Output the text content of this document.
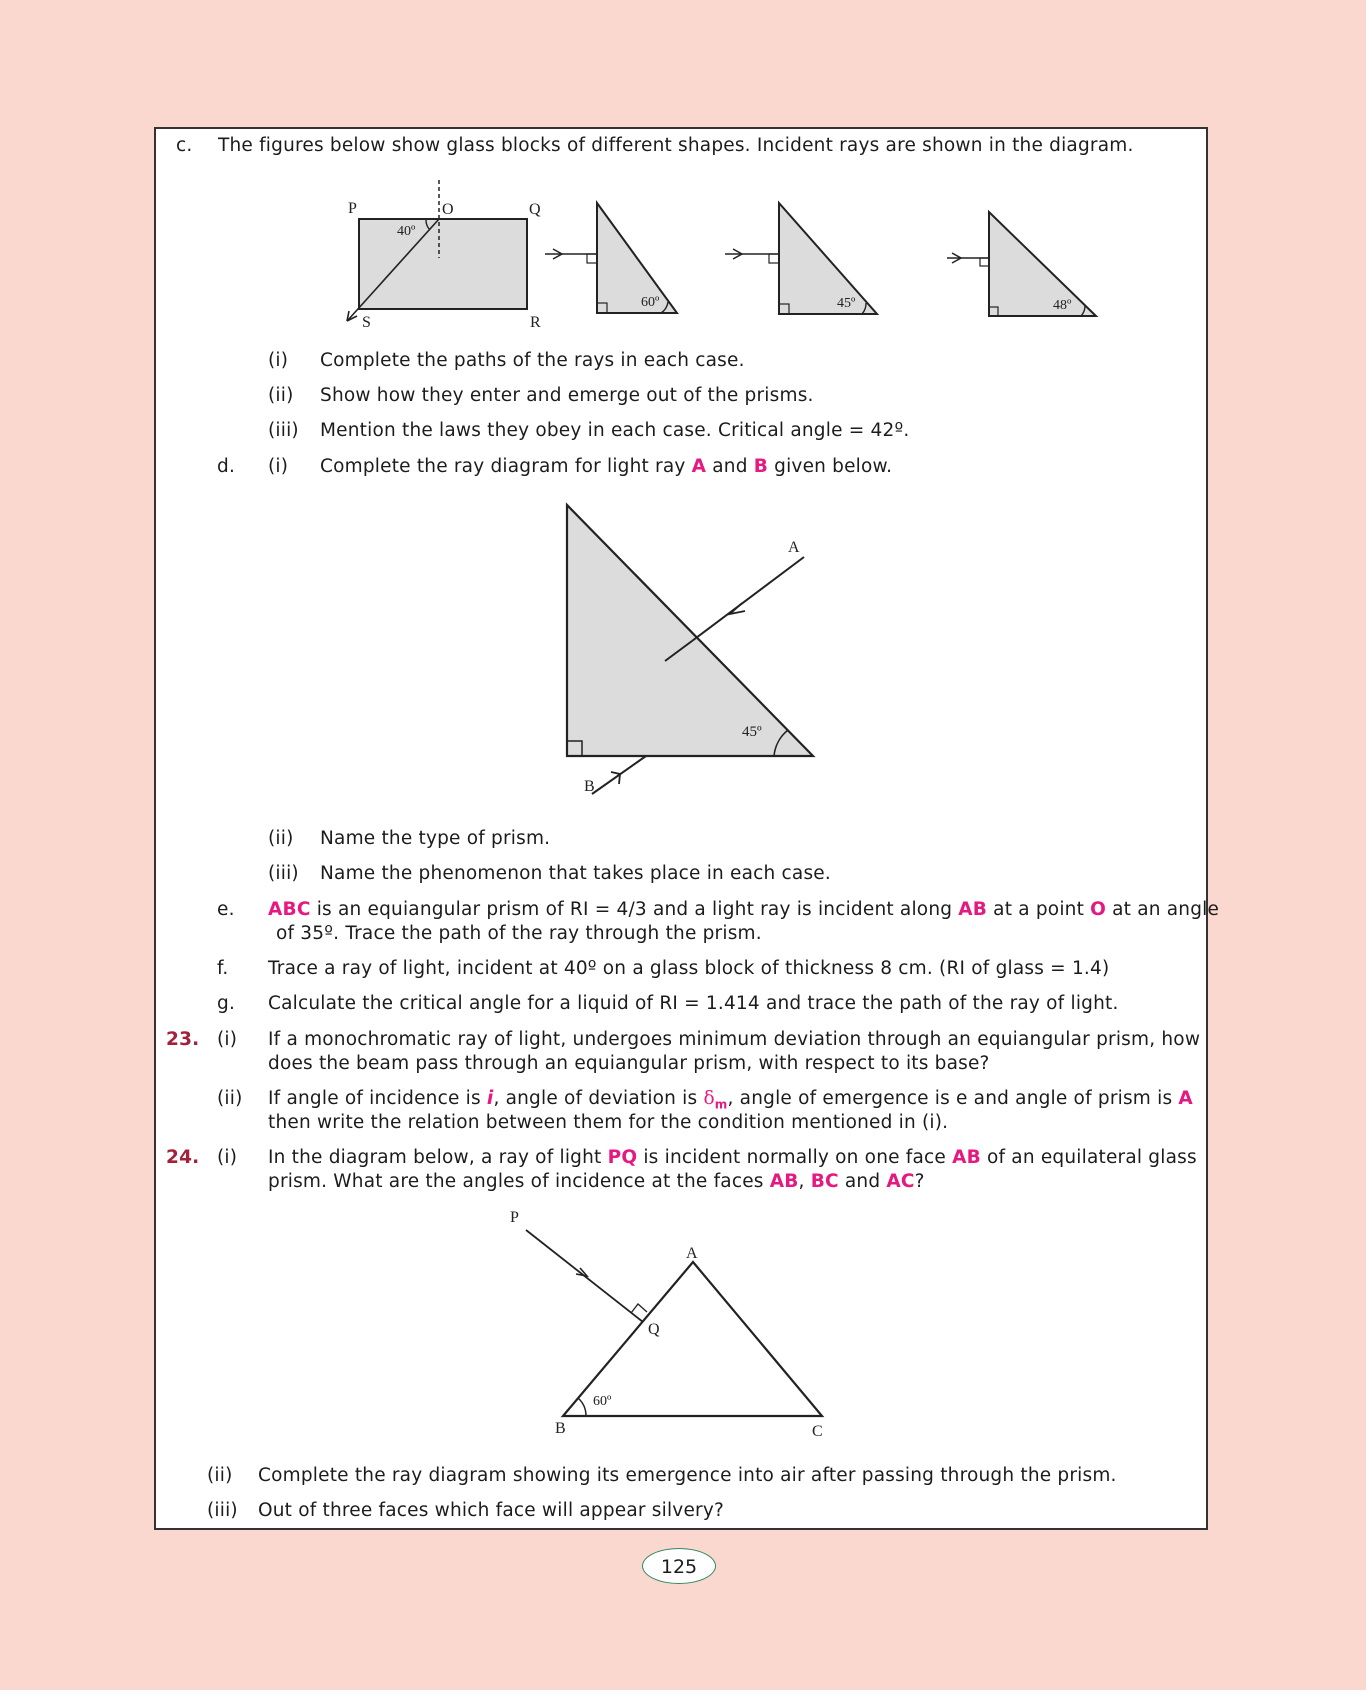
c. The figures below show glass blocks of different shapes. Incident rays are shown in the diagram.
P	O	Q
S	R
40º
60º	45º	48º
(i) Complete the paths of the rays in each case.
(ii) Show how they enter and emerge out of the prisms.
(iii) Mention the laws they obey in each case. Critical angle = 42º.
d. (i) Complete the ray diagram for light ray A and B given below.
45º
A
B
(ii) Name the type of prism.
(iii) Name the phenomenon that takes place in each case.
e. ABC is an equiangular prism of RI = 4/3 and a light ray is incident along AB at a point O at an angle
of 35º. Trace the path of the ray through the prism.
f. Trace a ray of light, incident at 40º on a glass block of thickness 8 cm. (RI of glass = 1.4)
g. Calculate the critical angle for a liquid of RI = 1.414 and trace the path of the ray of light.
23. (i) If a monochromatic ray of light, undergoes minimum deviation through an equiangular prism, how
does the beam pass through an equiangular prism, with respect to its base?
(ii) If angle of incidence is i, angle of deviation is $\delta_m$, angle of emergence is e and angle of prism is A
then write the relation between them for the condition mentioned in (i).
24. (i) In the diagram below, a ray of light PQ is incident normally on one face AB of an equilateral glass
prism. What are the angles of incidence at the faces AB, BC and AC?
P
A
Q
B	C
60º
(ii) Complete the ray diagram showing its emergence into air after passing through the prism.
(iii) Out of three faces which face will appear silvery?
125
